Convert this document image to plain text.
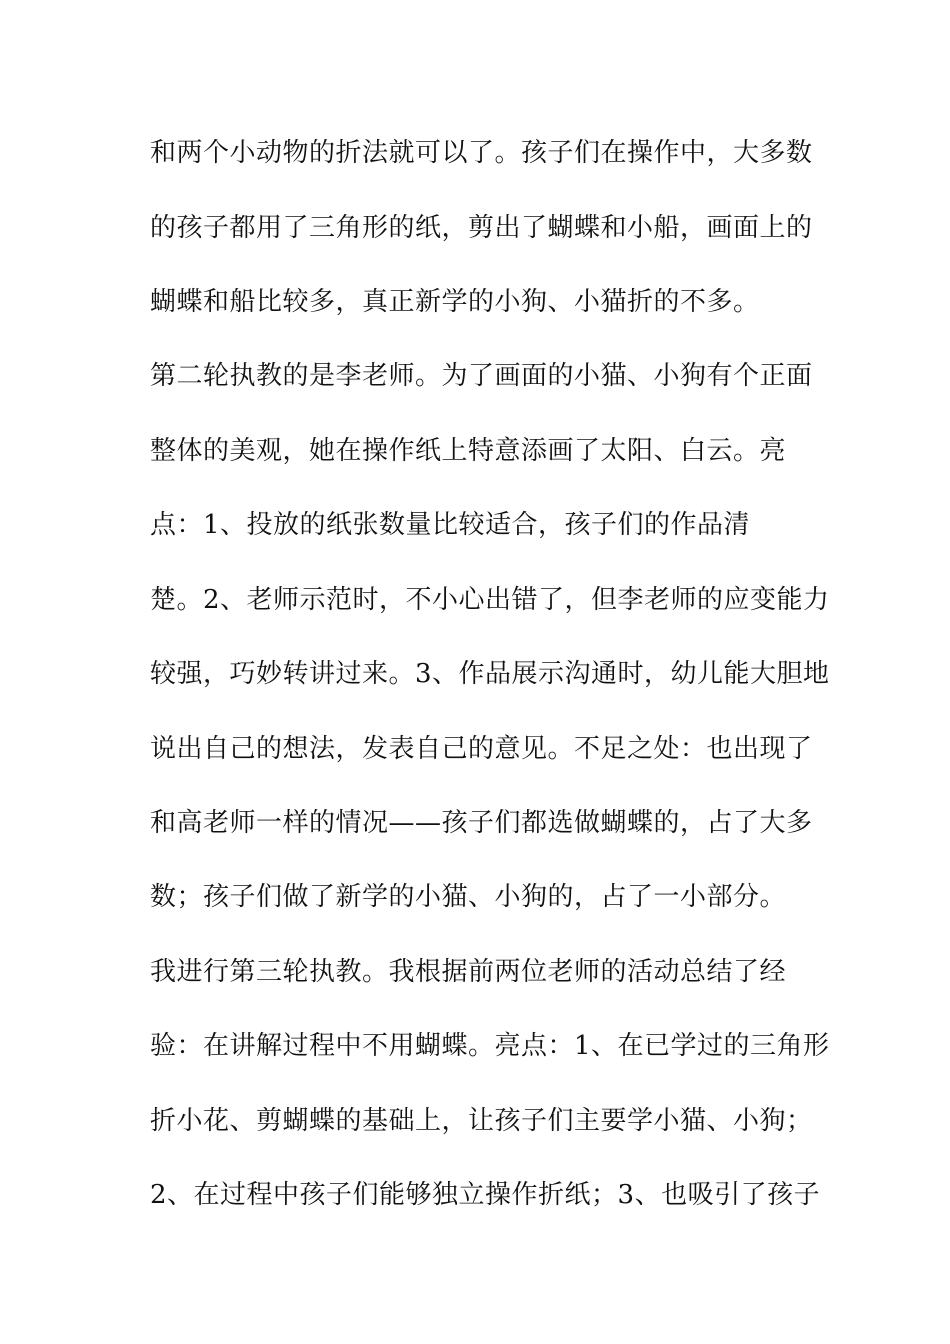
和两个小动物的折法就可以了。孩子们在操作中，大多数
的孩子都用了三角形的纸，剪出了蝴蝶和小船，画面上的
蝴蝶和船比较多，真正新学的小狗、小猫折的不多。
第二轮执教的是李老师。为了画面的小猫、小狗有个正面
整体的美观，她在操作纸上特意添画了太阳、白云。亮
点：1、投放的纸张数量比较适合，孩子们的作品清
楚。2、老师示范时，不小心出错了，但李老师的应变能力
较强，巧妙转讲过来。3、作品展示沟通时，幼儿能大胆地
说出自己的想法，发表自己的意见。不足之处：也出现了
和高老师一样的情况——孩子们都选做蝴蝶的，占了大多
数；孩子们做了新学的小猫、小狗的，占了一小部分。
我进行第三轮执教。我根据前两位老师的活动总结了经
验：在讲解过程中不用蝴蝶。亮点：1、在已学过的三角形
折小花、剪蝴蝶的基础上，让孩子们主要学小猫、小狗；
2、在过程中孩子们能够独立操作折纸；3、也吸引了孩子
